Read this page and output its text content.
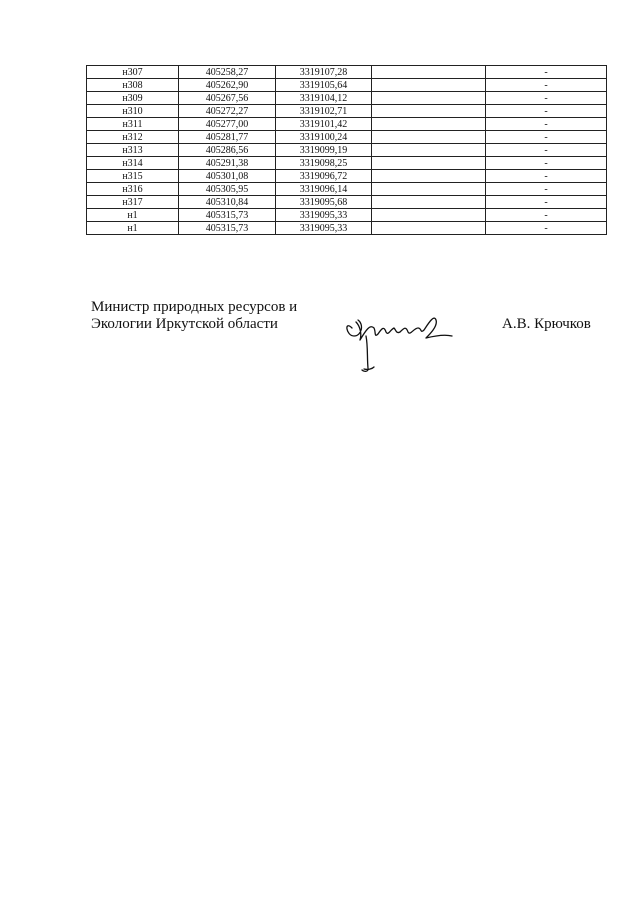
н307	405258,27	3319107,28		-
н308	405262,90	3319105,64		-
н309	405267,56	3319104,12		-
н310	405272,27	3319102,71		-
н311	405277,00	3319101,42		-
н312	405281,77	3319100,24		-
н313	405286,56	3319099,19		-
н314	405291,38	3319098,25		-
н315	405301,08	3319096,72		-
н316	405305,95	3319096,14		-
н317	405310,84	3319095,68		-
н1	405315,73	3319095,33		-
н1	405315,73	3319095,33		-
Министр природных ресурсов и
Экологии Иркутской области	А.В. Крючков
